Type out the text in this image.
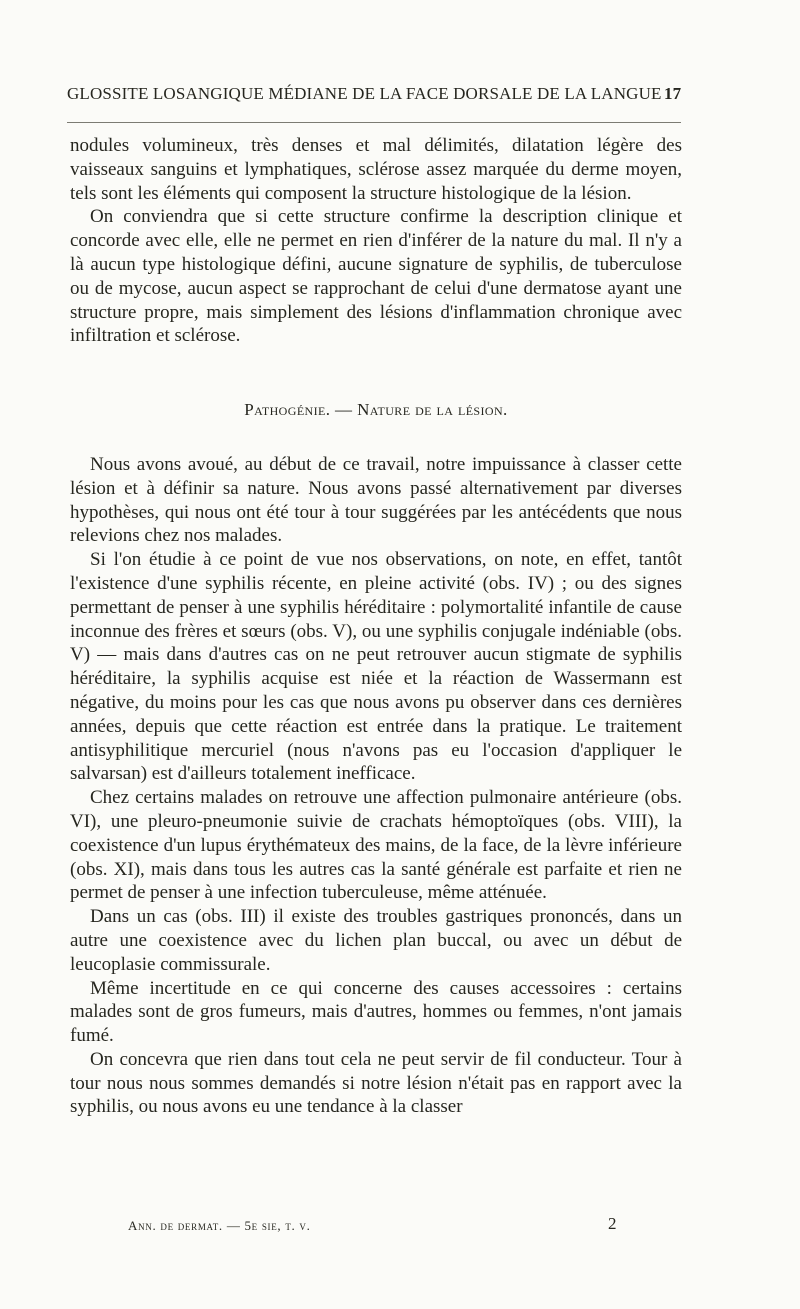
GLOSSITE LOSANGIQUE MÉDIANE DE LA FACE DORSALE DE LA LANGUE 17

nodules volumineux, très denses et mal délimités, dilatation légère des vaisseaux sanguins et lymphatiques, sclérose assez marquée du derme moyen, tels sont les éléments qui composent la structure histologique de la lésion.

On conviendra que si cette structure confirme la description clinique et concorde avec elle, elle ne permet en rien d'inférer de la nature du mal. Il n'y a là aucun type histologique défini, aucune signature de syphilis, de tuberculose ou de mycose, aucun aspect se rapprochant de celui d'une dermatose ayant une structure propre, mais simplement des lésions d'inflammation chronique avec infiltration et sclérose.

Pathogénie. — Nature de la lésion.

Nous avons avoué, au début de ce travail, notre impuissance à classer cette lésion et à définir sa nature. Nous avons passé alternativement par diverses hypothèses, qui nous ont été tour à tour suggérées par les antécédents que nous relevions chez nos malades.

Si l'on étudie à ce point de vue nos observations, on note, en effet, tantôt l'existence d'une syphilis récente, en pleine activité (obs. IV) ; ou des signes permettant de penser à une syphilis héréditaire : polymortalité infantile de cause inconnue des frères et sœurs (obs. V), ou une syphilis conjugale indéniable (obs. V) — mais dans d'autres cas on ne peut retrouver aucun stigmate de syphilis héréditaire, la syphilis acquise est niée et la réaction de Wassermann est négative, du moins pour les cas que nous avons pu observer dans ces dernières années, depuis que cette réaction est entrée dans la pratique. Le traitement antisyphilitique mercuriel (nous n'avons pas eu l'occasion d'appliquer le salvarsan) est d'ailleurs totalement inefficace.

Chez certains malades on retrouve une affection pulmonaire antérieure (obs. VI), une pleuro-pneumonie suivie de crachats hémoptoïques (obs. VIII), la coexistence d'un lupus érythémateux des mains, de la face, de la lèvre inférieure (obs. XI), mais dans tous les autres cas la santé générale est parfaite et rien ne permet de penser à une infection tuberculeuse, même atténuée.

Dans un cas (obs. III) il existe des troubles gastriques prononcés, dans un autre une coexistence avec du lichen plan buccal, ou avec un début de leucoplasie commissurale.

Même incertitude en ce qui concerne des causes accessoires : certains malades sont de gros fumeurs, mais d'autres, hommes ou femmes, n'ont jamais fumé.

On concevra que rien dans tout cela ne peut servir de fil conducteur. Tour à tour nous nous sommes demandés si notre lésion n'était pas en rapport avec la syphilis, ou nous avons eu une tendance à la classer

Ann. de dermat. — 5e sie, t. v.	2
